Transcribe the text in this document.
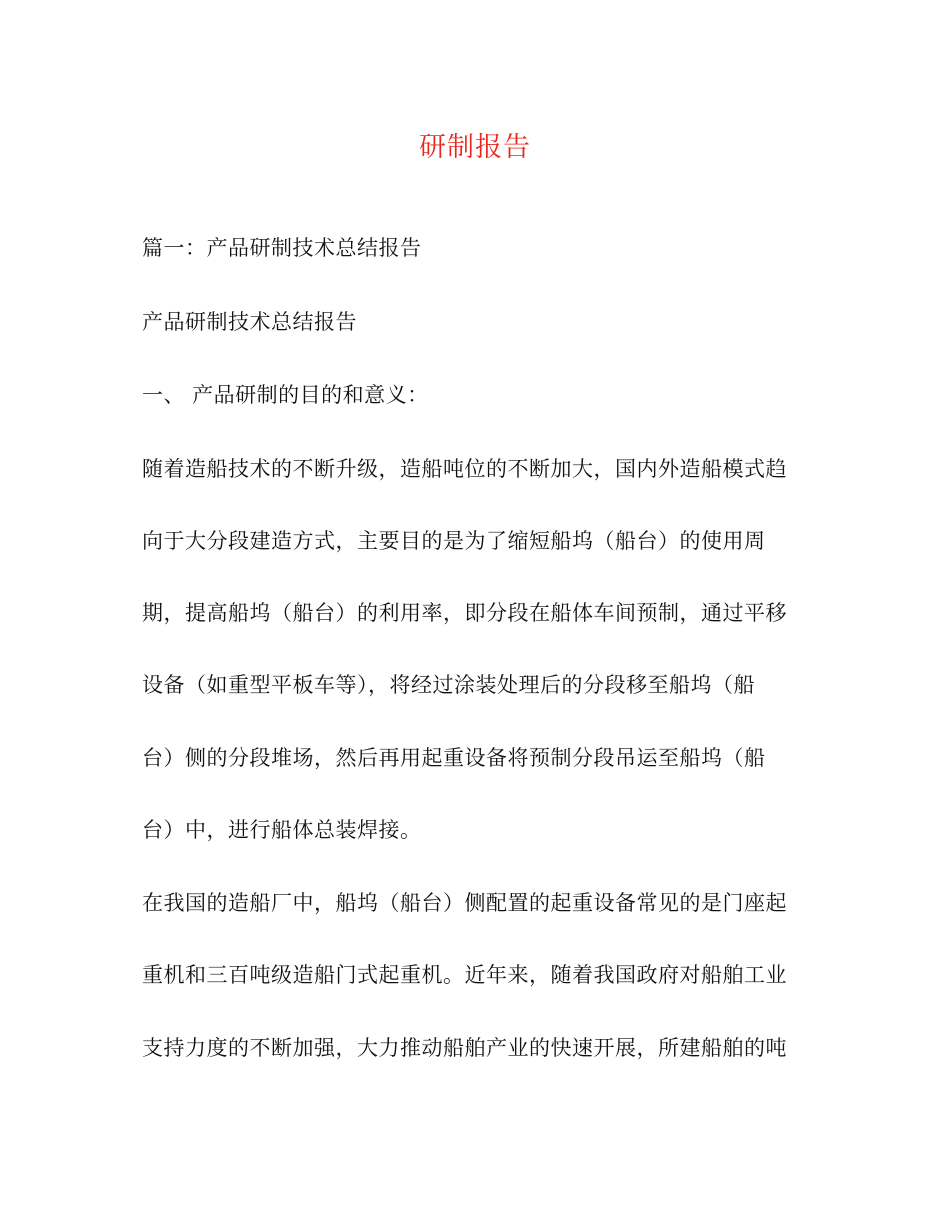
研制报告
篇一：产品研制技术总结报告
产品研制技术总结报告
一、 产品研制的目的和意义：
随着造船技术的不断升级，造船吨位的不断加大，国内外造船模式趋
向于大分段建造方式，主要目的是为了缩短船坞（船台）的使用周
期，提高船坞（船台）的利用率，即分段在船体车间预制，通过平移
设备（如重型平板车等），将经过涂装处理后的分段移至船坞（船
台）侧的分段堆场，然后再用起重设备将预制分段吊运至船坞（船
台）中，进行船体总装焊接。
在我国的造船厂中，船坞（船台）侧配置的起重设备常见的是门座起
重机和三百吨级造船门式起重机。近年来，随着我国政府对船舶工业
支持力度的不断加强，大力推动船舶产业的快速开展，所建船舶的吨
